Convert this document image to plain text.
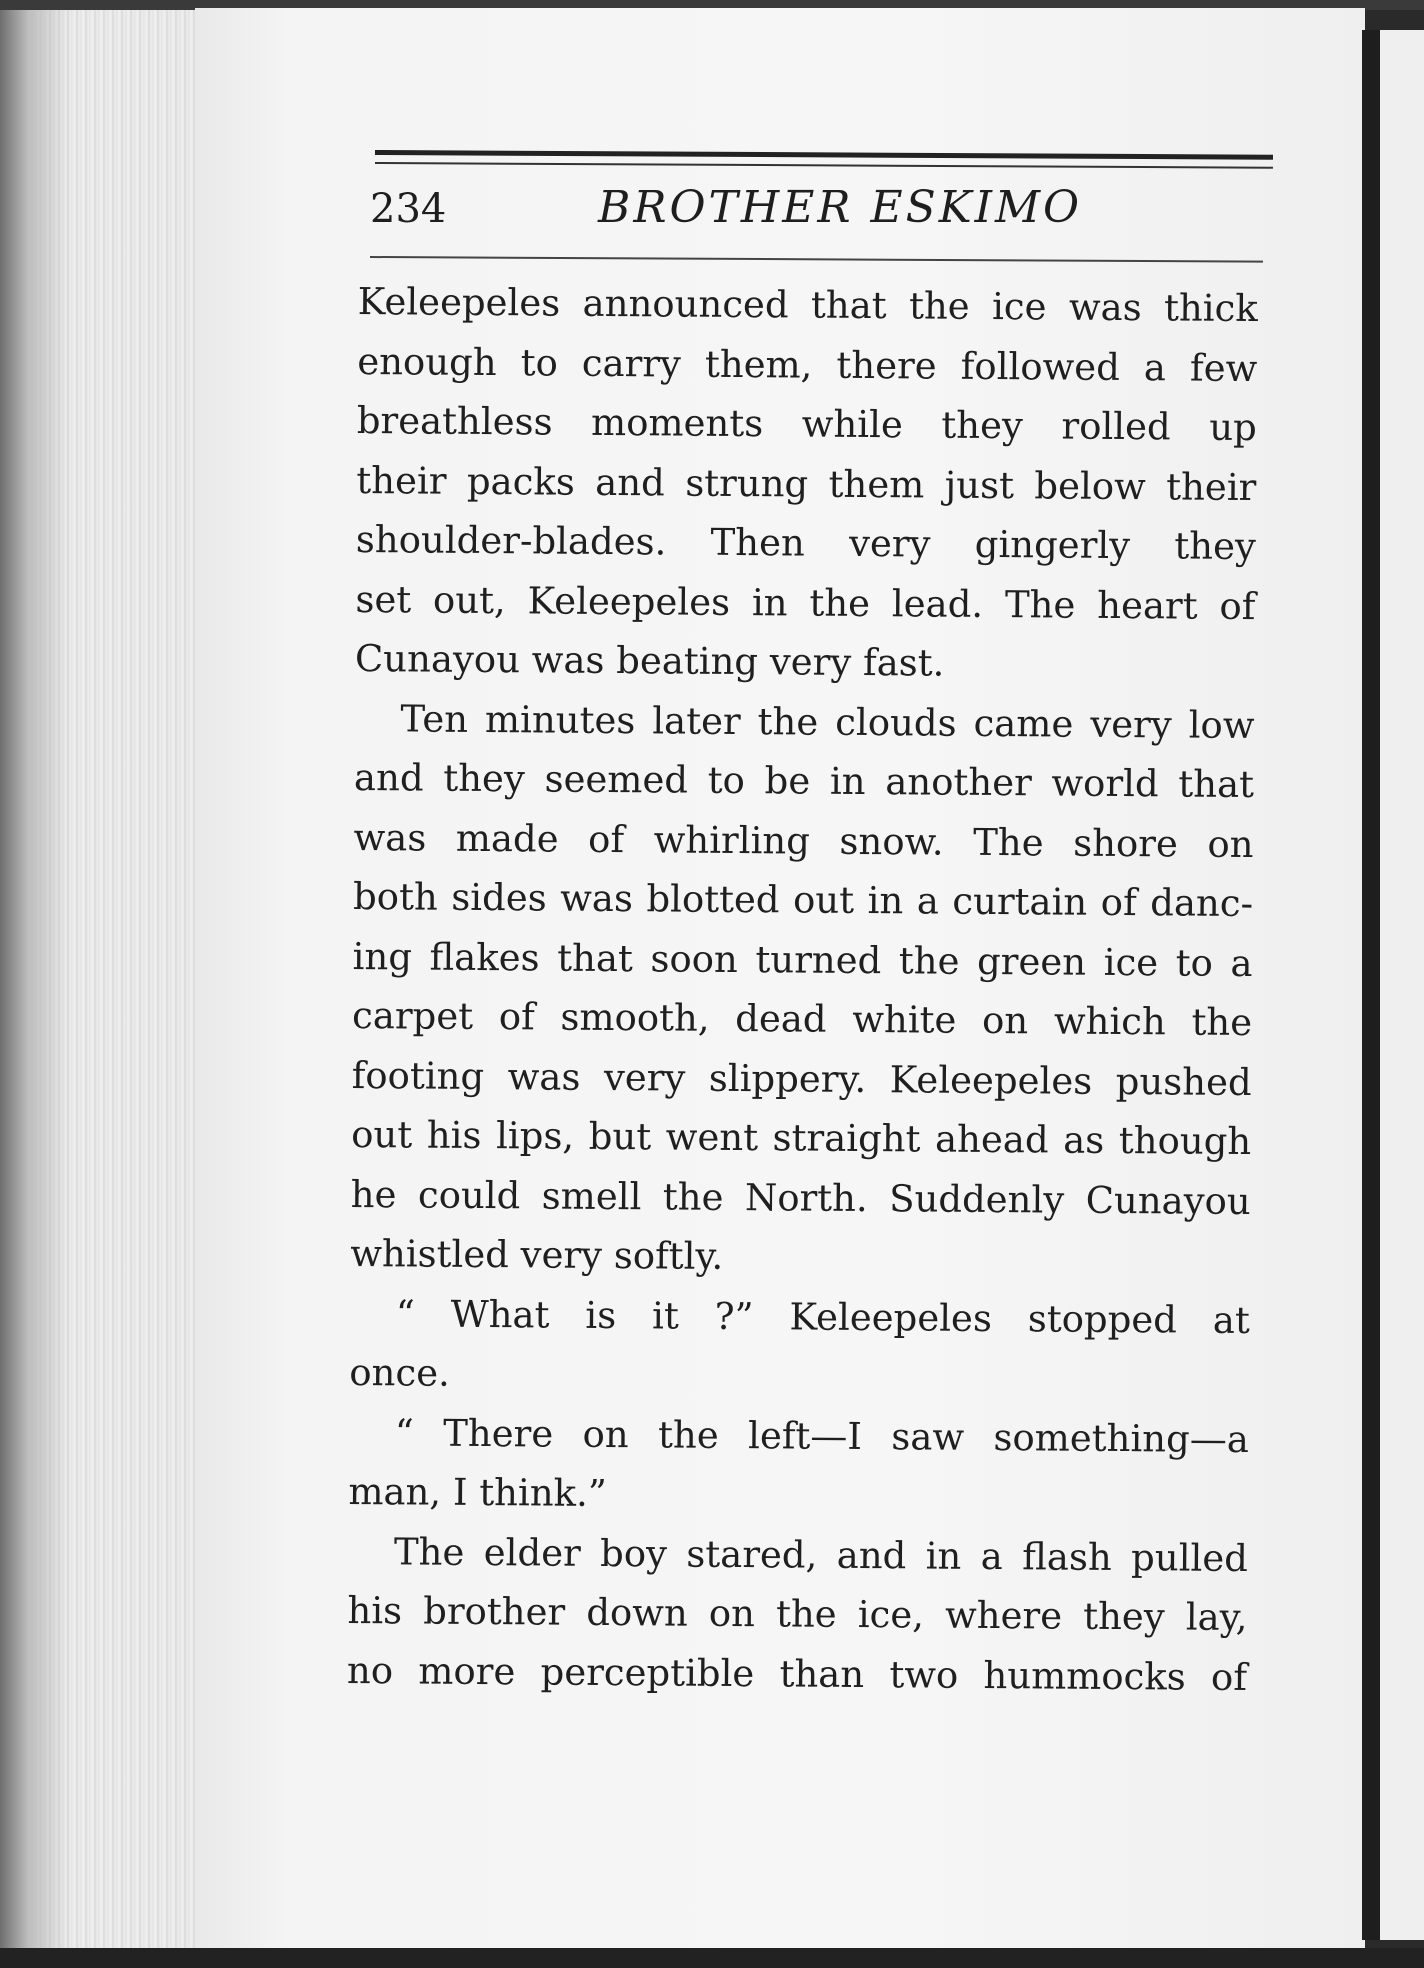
234	BROTHER ESKIMO
Keleepeles announced that the ice was thick
enough to carry them, there followed a few
breathless moments while they rolled up
their packs and strung them just below their
shoulder-blades. Then very gingerly they
set out, Keleepeles in the lead. The heart of
Cunayou was beating very fast.
Ten minutes later the clouds came very low
and they seemed to be in another world that
was made of whirling snow. The shore on
both sides was blotted out in a curtain of danc-
ing flakes that soon turned the green ice to a
carpet of smooth, dead white on which the
footing was very slippery. Keleepeles pushed
out his lips, but went straight ahead as though
he could smell the North. Suddenly Cunayou
whistled very softly.
“ What is it ?” Keleepeles stopped at
once.
“ There on the left—I saw something—a
man, I think.”
The elder boy stared, and in a flash pulled
his brother down on the ice, where they lay,
no more perceptible than two hummocks of
